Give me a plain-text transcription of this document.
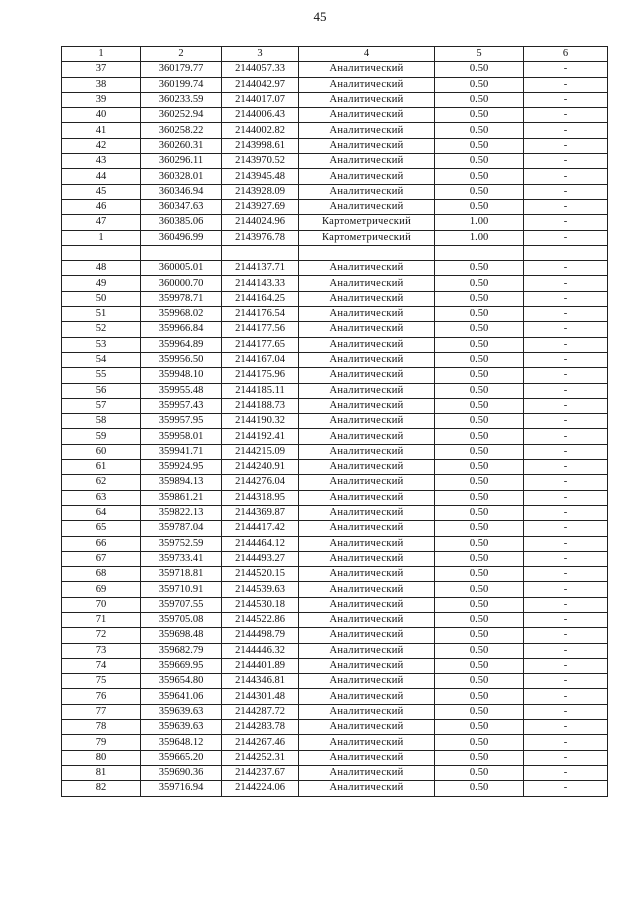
45
1	2	3	4	5	6
37	360179.77	2144057.33	Аналитический	0.50	-
38	360199.74	2144042.97	Аналитический	0.50	-
39	360233.59	2144017.07	Аналитический	0.50	-
40	360252.94	2144006.43	Аналитический	0.50	-
41	360258.22	2144002.82	Аналитический	0.50	-
42	360260.31	2143998.61	Аналитический	0.50	-
43	360296.11	2143970.52	Аналитический	0.50	-
44	360328.01	2143945.48	Аналитический	0.50	-
45	360346.94	2143928.09	Аналитический	0.50	-
46	360347.63	2143927.69	Аналитический	0.50	-
47	360385.06	2144024.96	Картометрический	1.00	-
1	360496.99	2143976.78	Картометрический	1.00	-

48	360005.01	2144137.71	Аналитический	0.50	-
49	360000.70	2144143.33	Аналитический	0.50	-
50	359978.71	2144164.25	Аналитический	0.50	-
51	359968.02	2144176.54	Аналитический	0.50	-
52	359966.84	2144177.56	Аналитический	0.50	-
53	359964.89	2144177.65	Аналитический	0.50	-
54	359956.50	2144167.04	Аналитический	0.50	-
55	359948.10	2144175.96	Аналитический	0.50	-
56	359955.48	2144185.11	Аналитический	0.50	-
57	359957.43	2144188.73	Аналитический	0.50	-
58	359957.95	2144190.32	Аналитический	0.50	-
59	359958.01	2144192.41	Аналитический	0.50	-
60	359941.71	2144215.09	Аналитический	0.50	-
61	359924.95	2144240.91	Аналитический	0.50	-
62	359894.13	2144276.04	Аналитический	0.50	-
63	359861.21	2144318.95	Аналитический	0.50	-
64	359822.13	2144369.87	Аналитический	0.50	-
65	359787.04	2144417.42	Аналитический	0.50	-
66	359752.59	2144464.12	Аналитический	0.50	-
67	359733.41	2144493.27	Аналитический	0.50	-
68	359718.81	2144520.15	Аналитический	0.50	-
69	359710.91	2144539.63	Аналитический	0.50	-
70	359707.55	2144530.18	Аналитический	0.50	-
71	359705.08	2144522.86	Аналитический	0.50	-
72	359698.48	2144498.79	Аналитический	0.50	-
73	359682.79	2144446.32	Аналитический	0.50	-
74	359669.95	2144401.89	Аналитический	0.50	-
75	359654.80	2144346.81	Аналитический	0.50	-
76	359641.06	2144301.48	Аналитический	0.50	-
77	359639.63	2144287.72	Аналитический	0.50	-
78	359639.63	2144283.78	Аналитический	0.50	-
79	359648.12	2144267.46	Аналитический	0.50	-
80	359665.20	2144252.31	Аналитический	0.50	-
81	359690.36	2144237.67	Аналитический	0.50	-
82	359716.94	2144224.06	Аналитический	0.50	-
